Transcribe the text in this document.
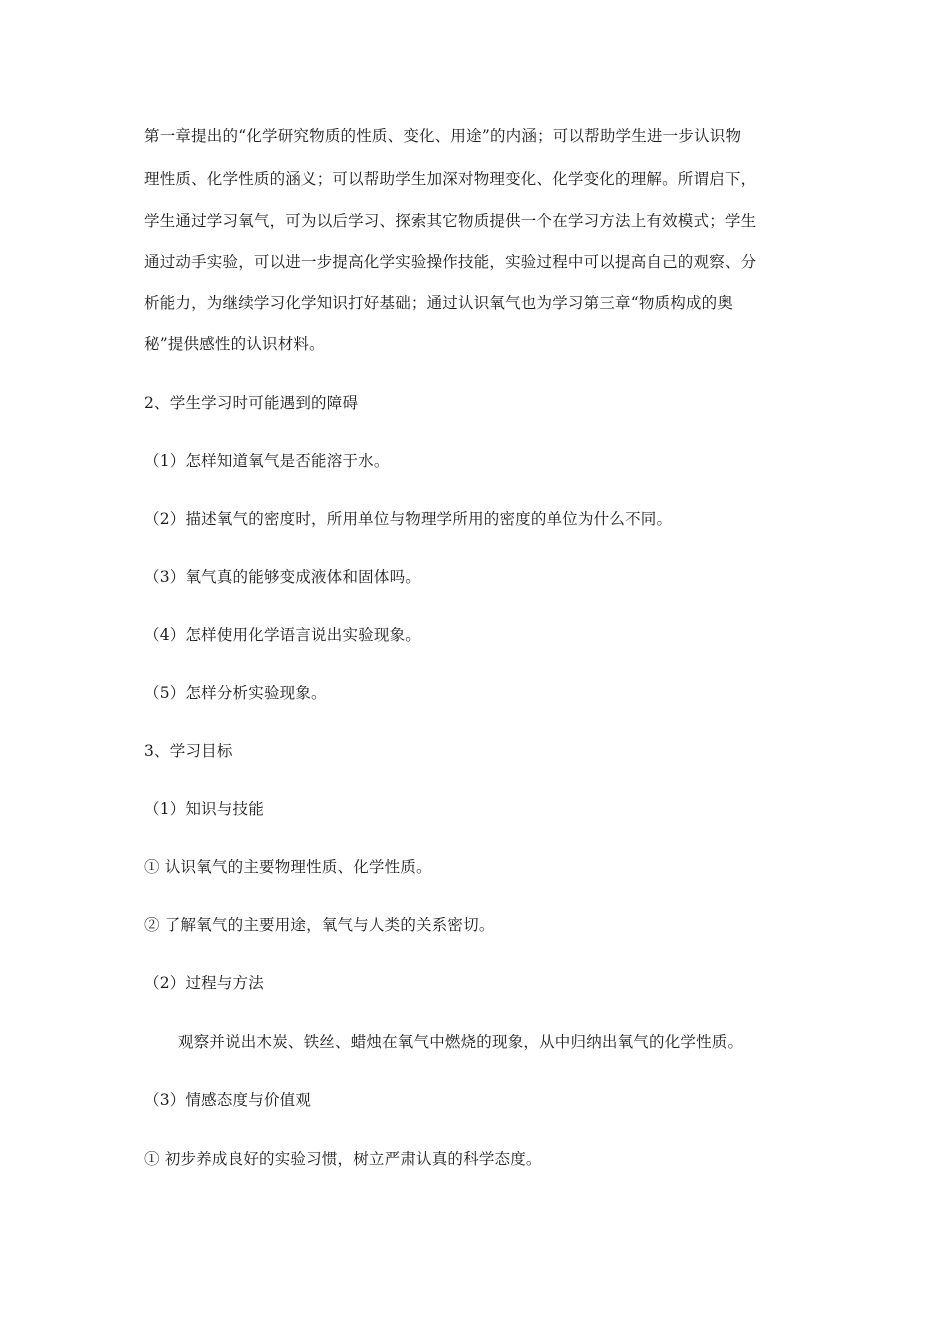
第一章提出的“化学研究物质的性质、变化、用途”的内涵；可以帮助学生进一步认识物
理性质、化学性质的涵义；可以帮助学生加深对物理变化、化学变化的理解。所谓启下，
学生通过学习氧气，可为以后学习、探索其它物质提供一个在学习方法上有效模式；学生
通过动手实验，可以进一步提高化学实验操作技能，实验过程中可以提高自己的观察、分
析能力，为继续学习化学知识打好基础；通过认识氧气也为学习第三章“物质构成的奥
秘”提供感性的认识材料。
2、学生学习时可能遇到的障碍
（1）怎样知道氧气是否能溶于水。
（2）描述氧气的密度时，所用单位与物理学所用的密度的单位为什么不同。
（3）氧气真的能够变成液体和固体吗。
（4）怎样使用化学语言说出实验现象。
（5）怎样分析实验现象。
3、学习目标
（1）知识与技能
① 认识氧气的主要物理性质、化学性质。
② 了解氧气的主要用途，氧气与人类的关系密切。
（2）过程与方法
观察并说出木炭、铁丝、蜡烛在氧气中燃烧的现象，从中归纳出氧气的化学性质。
（3）情感态度与价值观
① 初步养成良好的实验习惯，树立严肃认真的科学态度。
